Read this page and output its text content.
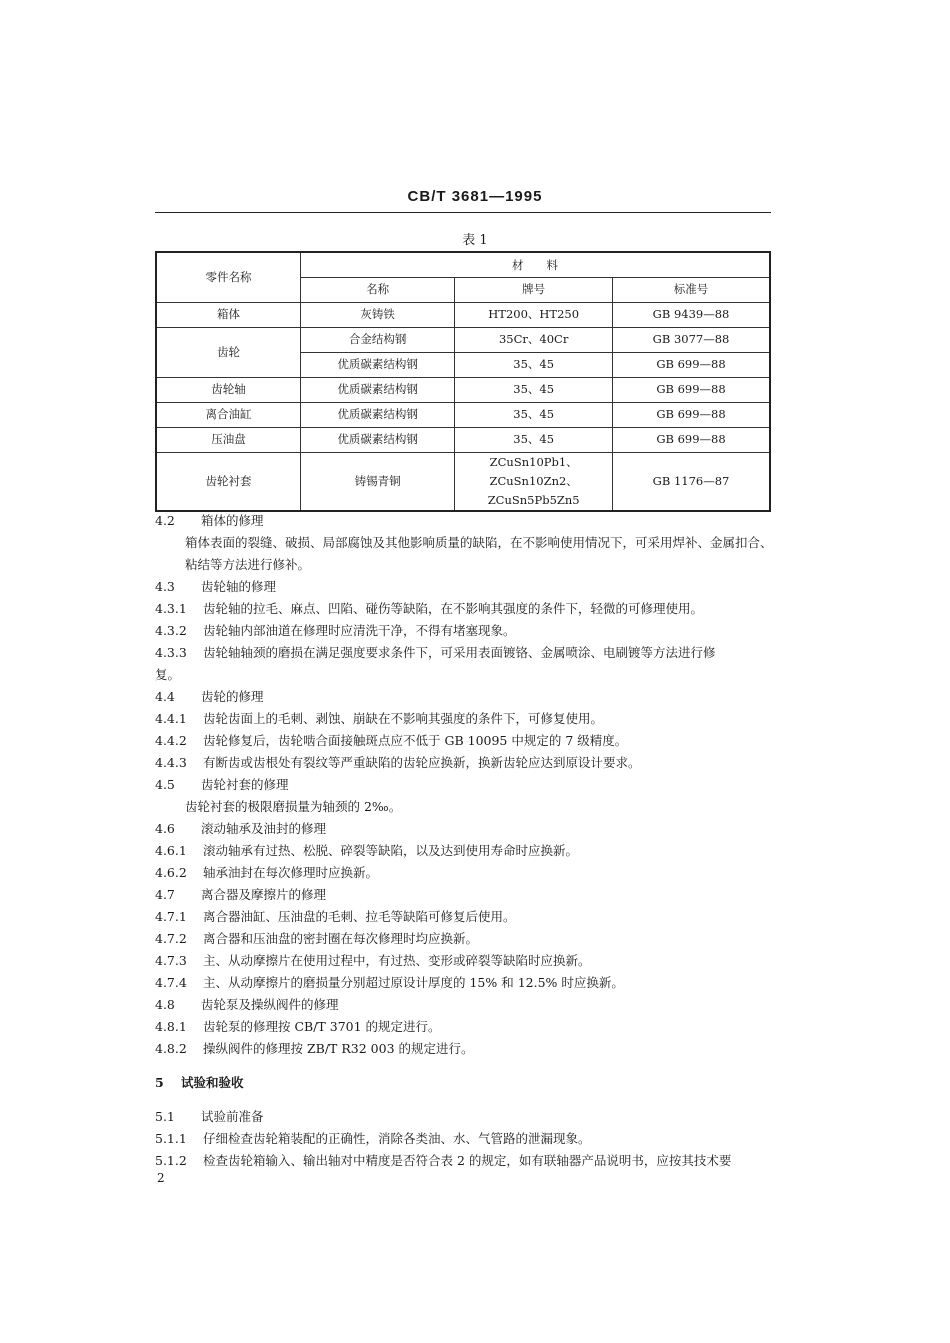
CB/T 3681—1995
表 1
零件名称	材　　料		
	名称	牌号	标准号
箱体	灰铸铁	HT200、HT250	GB 9439—88
齿轮	合金结构钢	35Cr、40Cr	GB 3077—88
	优质碳素结构钢	35、45	GB 699—88
齿轮轴	优质碳素结构钢	35、45	GB 699—88
离合油缸	优质碳素结构钢	35、45	GB 699—88
压油盘	优质碳素结构钢	35、45	GB 699—88
齿轮衬套	铸锡青铜	ZCuSn10Pb1、
ZCuSn10Zn2、
ZCuSn5Pb5Zn5	GB 1176—87

4.2 箱体的修理

箱体表面的裂缝、破损、局部腐蚀及其他影响质量的缺陷，在不影响使用情况下，可采用焊补、金属扣合、粘结等方法进行修补。

4.3 齿轮轴的修理

4.3.1 齿轮轴的拉毛、麻点、凹陷、碰伤等缺陷，在不影响其强度的条件下，轻微的可修理使用。

4.3.2 齿轮轴内部油道在修理时应清洗干净，不得有堵塞现象。

4.3.3 齿轮轴轴颈的磨损在满足强度要求条件下，可采用表面镀铬、金属喷涂、电刷镀等方法进行修

复。

4.4 齿轮的修理

4.4.1 齿轮齿面上的毛刺、剥蚀、崩缺在不影响其强度的条件下，可修复使用。

4.4.2 齿轮修复后，齿轮啮合面接触斑点应不低于 GB 10095 中规定的 7 级精度。

4.4.3 有断齿或齿根处有裂纹等严重缺陷的齿轮应换新，换新齿轮应达到原设计要求。

4.5 齿轮衬套的修理

齿轮衬套的极限磨损量为轴颈的 2‰。

4.6 滚动轴承及油封的修理

4.6.1 滚动轴承有过热、松脱、碎裂等缺陷，以及达到使用寿命时应换新。

4.6.2 轴承油封在每次修理时应换新。

4.7 离合器及摩擦片的修理

4.7.1 离合器油缸、压油盘的毛刺、拉毛等缺陷可修复后使用。

4.7.2 离合器和压油盘的密封圈在每次修理时均应换新。

4.7.3 主、从动摩擦片在使用过程中，有过热、变形或碎裂等缺陷时应换新。

4.7.4 主、从动摩擦片的磨损量分别超过原设计厚度的 15% 和 12.5% 时应换新。

4.8 齿轮泵及操纵阀件的修理

4.8.1 齿轮泵的修理按 CB/T 3701 的规定进行。

4.8.2 操纵阀件的修理按 ZB/T R32 003 的规定进行。

5 试验和验收

5.1 试验前准备

5.1.1 仔细检查齿轮箱装配的正确性，消除各类油、水、气管路的泄漏现象。

5.1.2 检查齿轮箱输入、输出轴对中精度是否符合表 2 的规定，如有联轴器产品说明书，应按其技术要

2
